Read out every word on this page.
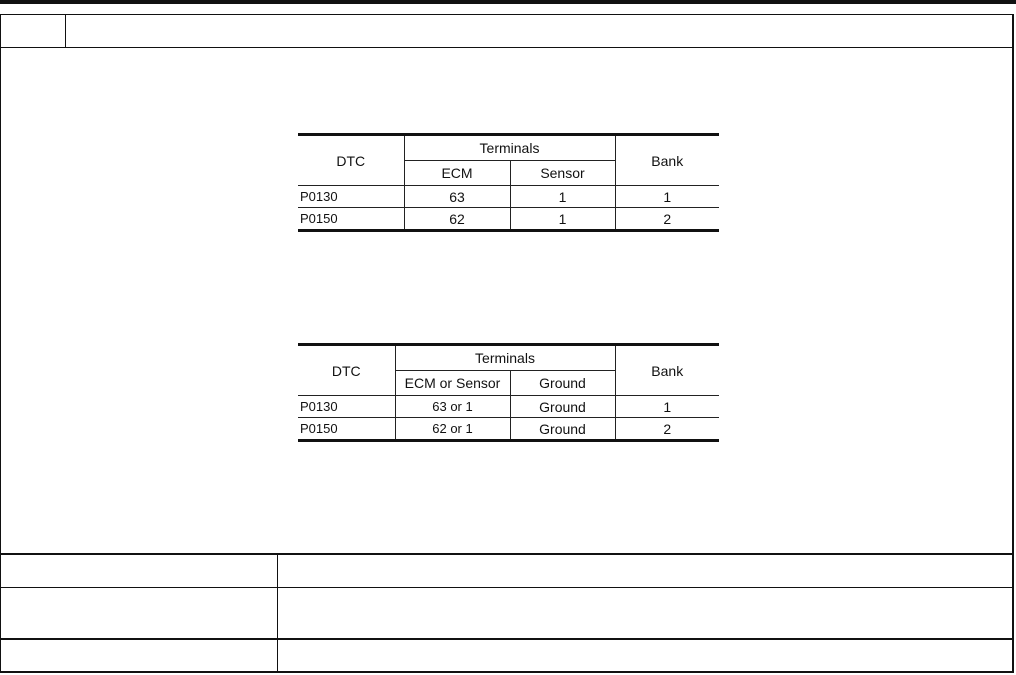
DTC	Terminals		Bank
	ECM	Sensor	
P0130	63	1	1
P0150	62	1	2
DTC	Terminals		Bank
	ECM or Sensor	Ground	
P0130	63 or 1	Ground	1
P0150	62 or 1	Ground	2
